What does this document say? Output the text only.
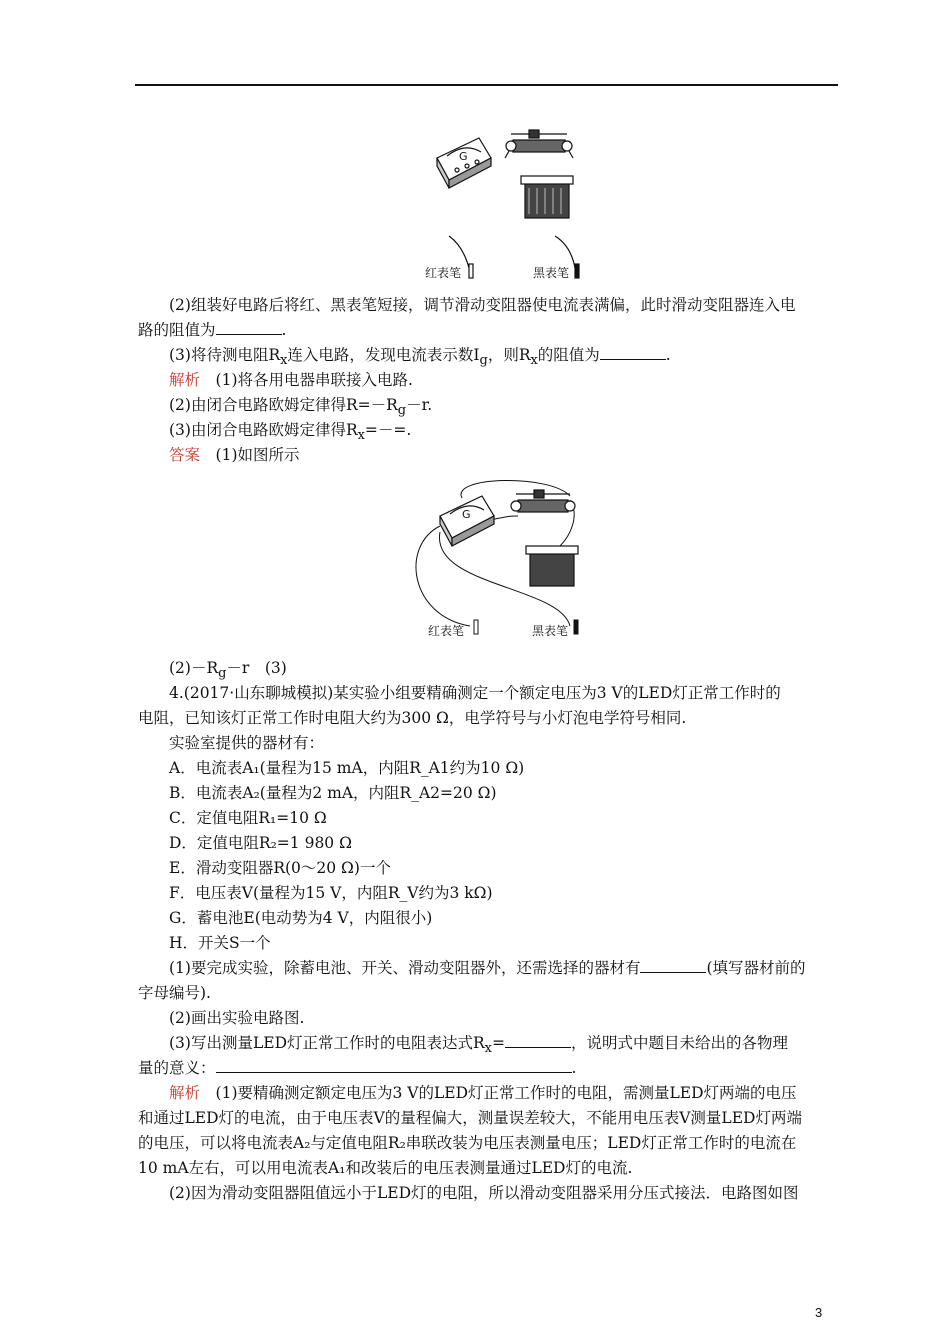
G
红表笔	黑表笔
(2)组装好电路后将红、黑表笔短接，调节滑动变阻器使电流表满偏，此时滑动变阻器连入电
路的阻值为	.
(3)将待测电阻$R_x$连入电路，发现电流表示数$I_g$，则$R_x$的阻值为	.
解析　 (1)将各用电器串联接入电路.
(2)由闭合电路欧姆定律得$R=-R_g-r$.
(3)由闭合电路欧姆定律得$R_x=-=$.
答案　 (1)如图所示
G
红表笔	黑表笔
$(2)-R_g-r$　(3)
4.(2017·山东聊城模拟)某实验小组要精确测定一个额定电压为3 V的LED灯正常工作时的
电阻，已知该灯正常工作时电阻大约为300 Ω，电学符号与小灯泡电学符号相同.
实验室提供的器材有：
A．电流表A₁(量程为15 mA，内阻R_A1约为10 Ω)
B．电流表A₂(量程为2 mA，内阻R_A2=20 Ω)
C．定值电阻R₁=10 Ω
D．定值电阻R₂=1 980 Ω
E．滑动变阻器R(0～20 Ω)一个
F．电压表V(量程为15 V，内阻R_V约为3 kΩ)
G．蓄电池E(电动势为4 V，内阻很小)
H．开关S一个
(1)要完成实验，除蓄电池、开关、滑动变阻器外，还需选择的器材有	(填写器材前的
字母编号).
(2)画出实验电路图.
(3)写出测量LED灯正常工作时的电阻表达式$R_x=$	，说明式中题目未给出的各物理
量的意义：	.
解析　 (1)要精确测定额定电压为3 V的LED灯正常工作时的电阻，需测量LED灯两端的电压
和通过LED灯的电流，由于电压表V的量程偏大，测量误差较大，不能用电压表V测量LED灯两端
的电压，可以将电流表A₂与定值电阻R₂串联改装为电压表测量电压；LED灯正常工作时的电流在
10 mA左右，可以用电流表A₁和改装后的电压表测量通过LED灯的电流.
(2)因为滑动变阻器阻值远小于LED灯的电阻，所以滑动变阻器采用分压式接法．电路图如图
3
